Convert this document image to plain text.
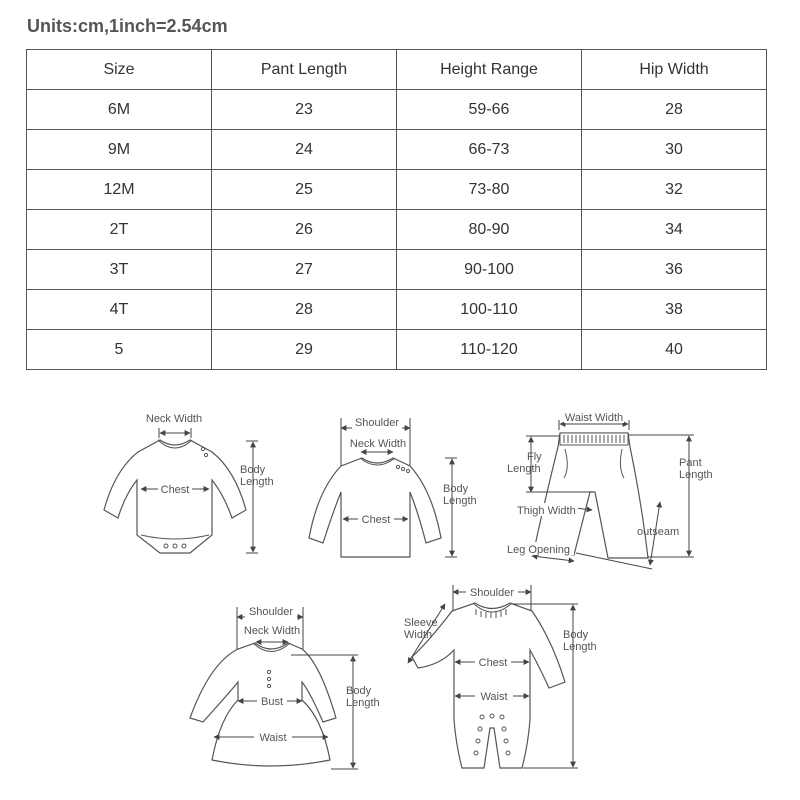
Units:cm,1inch=2.54cm
Size	Pant Length	Height Range	Hip Width
6M	23	59-66	28
9M	24	66-73	30
12M	25	73-80	32
2T	26	80-90	34
3T	27	90-100	36
4T	28	100-110	38
5	29	110-120	40
Neck Width
Chest
Body
Length
Shoulder
Neck Width
Chest
Body
Length
Waist Width
Fly
Length	Pant
Length
Thigh Width
outseam
Leg Opening
Shoulder
Neck Width
Bust
Waist
Body
Length
Shoulder
Sleeve
Width
Chest
Waist
Body
Length
